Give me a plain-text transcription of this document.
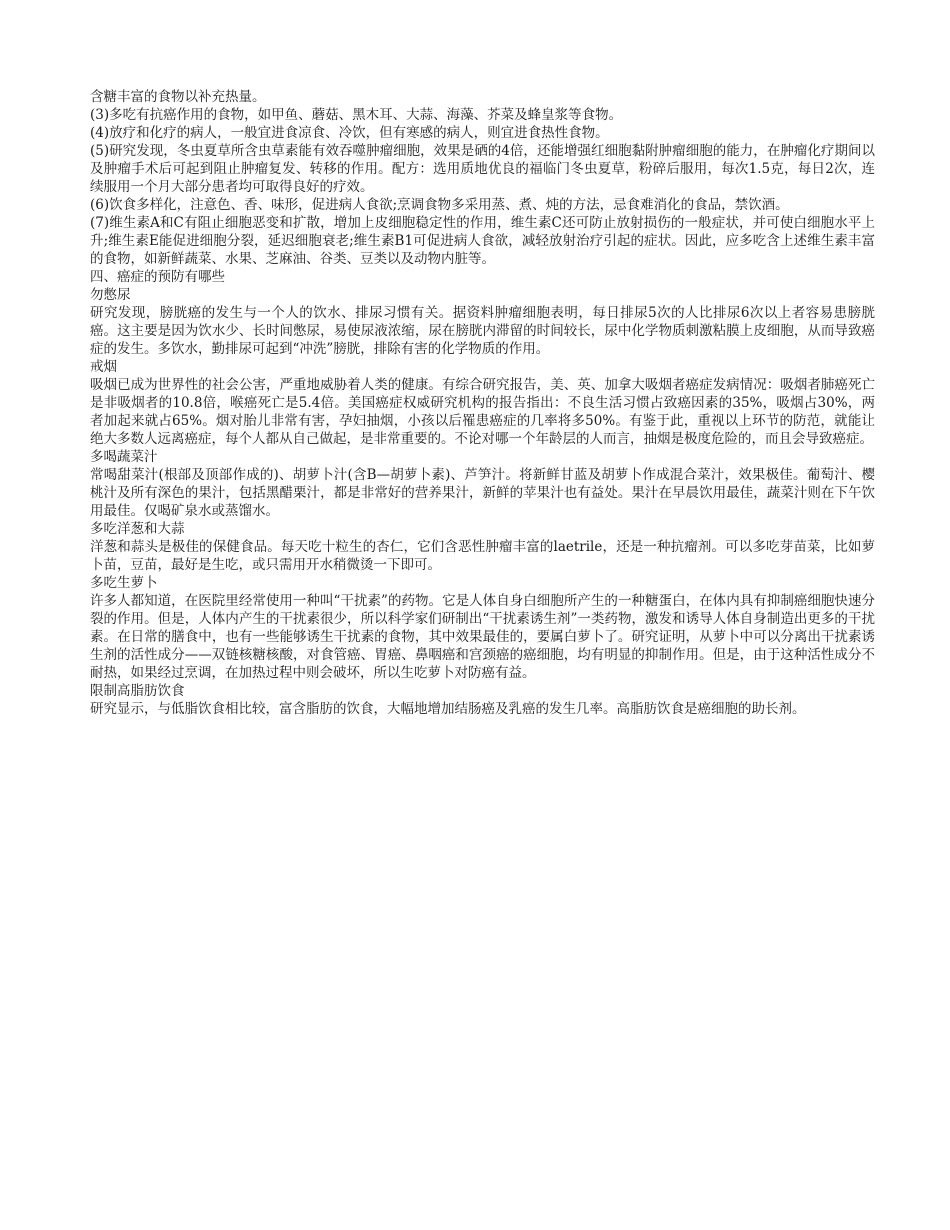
含糖丰富的食物以补充热量。

(3)多吃有抗癌作用的食物，如甲鱼、蘑菇、黑木耳、大蒜、海藻、芥菜及蜂皇浆等食物。

(4)放疗和化疗的病人，一般宜进食凉食、冷饮，但有寒感的病人，则宜进食热性食物。

(5)研究发现，冬虫夏草所含虫草素能有效吞噬肿瘤细胞，效果是硒的4倍，还能增强红细胞黏附肿瘤细胞的能力，在肿瘤化疗期间以及肿瘤手术后可起到阻止肿瘤复发、转移的作用。配方：选用质地优良的福临门冬虫夏草，粉碎后服用，每次1.5克，每日2次，连续服用一个月大部分患者均可取得良好的疗效。

(6)饮食多样化，注意色、香、味形，促进病人食欲;烹调食物多采用蒸、煮、炖的方法，忌食难消化的食品，禁饮酒。

(7)维生素A和C有阻止细胞恶变和扩散，增加上皮细胞稳定性的作用，维生素C还可防止放射损伤的一般症状，并可使白细胞水平上升;维生素E能促进细胞分裂，延迟细胞衰老;维生素B1可促进病人食欲，减轻放射治疗引起的症状。因此，应多吃含上述维生素丰富的食物，如新鲜蔬菜、水果、芝麻油、谷类、豆类以及动物内脏等。

四、癌症的预防有哪些
勿憋尿

研究发现，膀胱癌的发生与一个人的饮水、排尿习惯有关。据资料肿瘤细胞表明，每日排尿5次的人比排尿6次以上者容易患膀胱癌。这主要是因为饮水少、长时间憋尿，易使尿液浓缩，尿在膀胱内滞留的时间较长，尿中化学物质刺激粘膜上皮细胞，从而导致癌症的发生。多饮水，勤排尿可起到“冲洗”膀胱，排除有害的化学物质的作用。

戒烟

吸烟已成为世界性的社会公害，严重地威胁着人类的健康。有综合研究报告，美、英、加拿大吸烟者癌症发病情况：吸烟者肺癌死亡是非吸烟者的10.8倍，喉癌死亡是5.4倍。美国癌症权威研究机构的报告指出：不良生活习惯占致癌因素的35%，吸烟占30%，两者加起来就占65%。烟对胎儿非常有害，孕妇抽烟，小孩以后罹患癌症的几率将多50%。有鉴于此，重视以上环节的防范，就能让绝大多数人远离癌症，每个人都从自己做起，是非常重要的。不论对哪一个年龄层的人而言，抽烟是极度危险的，而且会导致癌症。

多喝蔬菜汁

常喝甜菜汁(根部及顶部作成的)、胡萝卜汁(含B—胡萝卜素)、芦笋汁。将新鲜甘蓝及胡萝卜作成混合菜汁，效果极佳。葡萄汁、樱桃汁及所有深色的果汁，包括黑醋栗汁，都是非常好的营养果汁，新鲜的苹果汁也有益处。果汁在早晨饮用最佳，蔬菜汁则在下午饮用最佳。仅喝矿泉水或蒸馏水。

多吃洋葱和大蒜

洋葱和蒜头是极佳的保健食品。每天吃十粒生的杏仁，它们含恶性肿瘤丰富的laetrile，还是一种抗瘤剂。可以多吃芽苗菜，比如萝卜苗，豆苗，最好是生吃，或只需用开水稍微烫一下即可。

多吃生萝卜

许多人都知道，在医院里经常使用一种叫“干扰素”的药物。它是人体自身白细胞所产生的一种糖蛋白，在体内具有抑制癌细胞快速分裂的作用。但是，人体内产生的干扰素很少，所以科学家们研制出“干扰素诱生剂”一类药物，激发和诱导人体自身制造出更多的干扰素。在日常的膳食中，也有一些能够诱生干扰素的食物，其中效果最佳的，要属白萝卜了。研究证明，从萝卜中可以分离出干扰素诱生剂的活性成分——双链核糖核酸，对食管癌、胃癌、鼻咽癌和宫颈癌的癌细胞，均有明显的抑制作用。但是，由于这种活性成分不耐热，如果经过烹调，在加热过程中则会破坏，所以生吃萝卜对防癌有益。

限制高脂肪饮食

研究显示，与低脂饮食相比较，富含脂肪的饮食，大幅地增加结肠癌及乳癌的发生几率。高脂肪饮食是癌细胞的助长剂。
